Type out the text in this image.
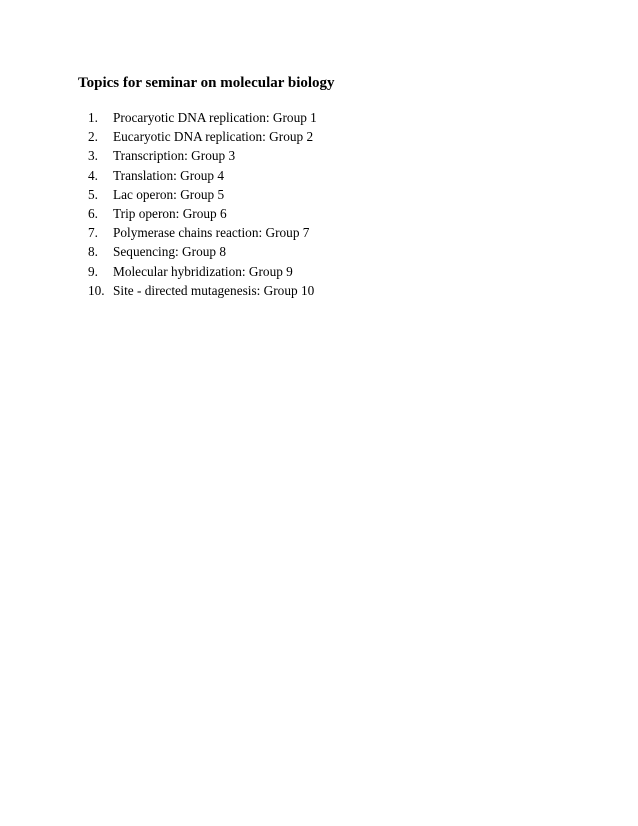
Topics for seminar on molecular biology
1.	Procaryotic DNA replication: Group 1
2.	Eucaryotic DNA replication: Group 2
3.	Transcription: Group 3
4.	Translation: Group 4
5.	Lac operon: Group 5
6.	Trip operon: Group 6
7.	Polymerase chains reaction: Group 7
8.	Sequencing: Group 8
9.	Molecular hybridization: Group 9
10. Site - directed mutagenesis: Group 10
